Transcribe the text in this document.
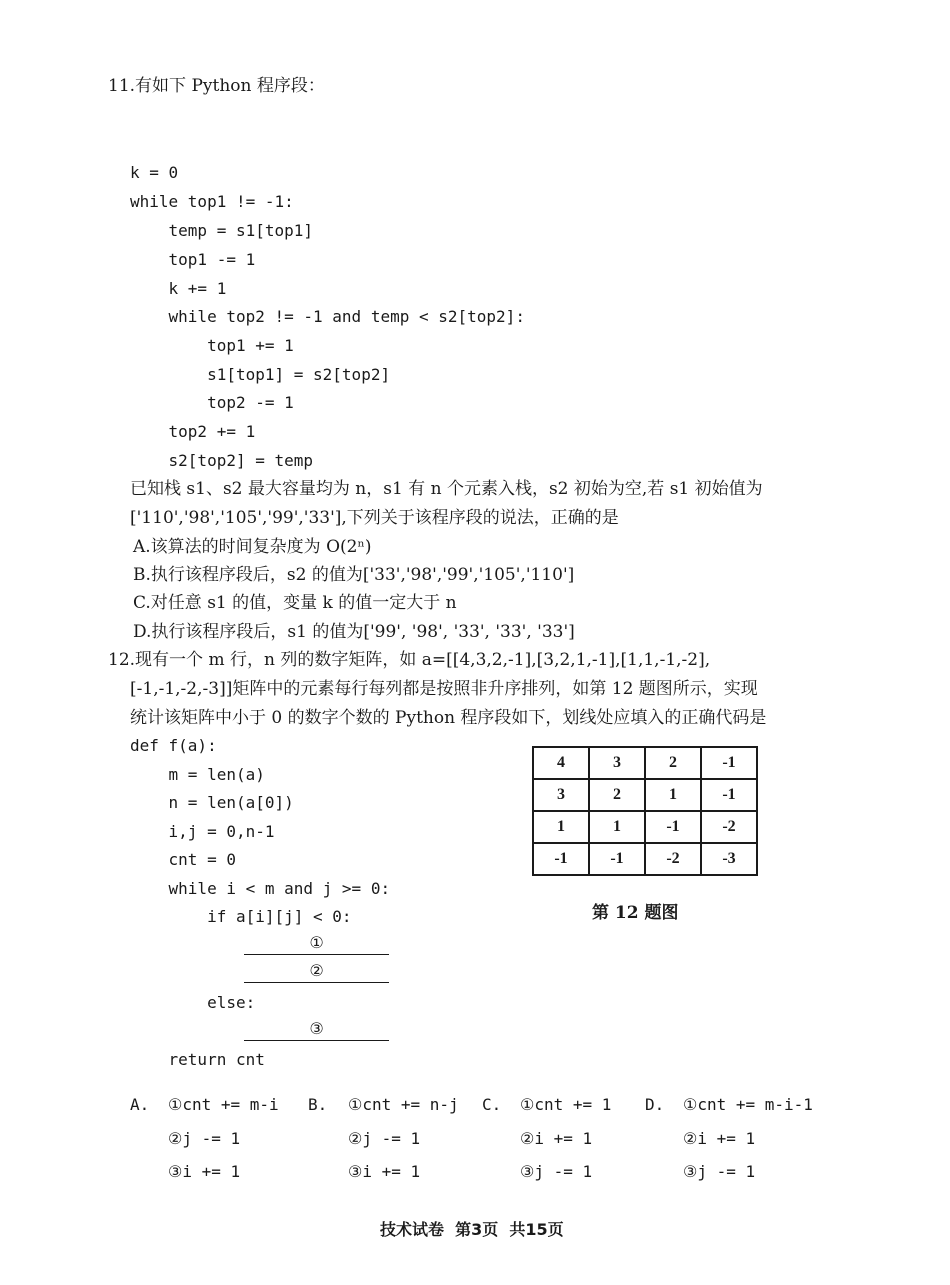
11.有如下 Python 程序段：
k = 0
while top1 != -1:
temp = s1[top1]
top1 -= 1
k += 1
while top2 != -1 and temp < s2[top2]:
top1 += 1
s1[top1] = s2[top2]
top2 -= 1
top2 += 1
s2[top2] = temp
已知栈 s1、s2 最大容量均为 n，s1 有 n 个元素入栈，s2 初始为空,若 s1 初始值为
['110','98','105','99','33'],下列关于该程序段的说法，正确的是
A.该算法的时间复杂度为 O(2ⁿ)
B.执行该程序段后，s2 的值为['33','98','99','105','110']
C.对任意 s1 的值，变量 k 的值一定大于 n
D.执行该程序段后，s1 的值为['99', '98', '33', '33', '33']
12.现有一个 m 行，n 列的数字矩阵，如 a=[[4,3,2,-1],[3,2,1,-1],[1,1,-1,-2],
[-1,-1,-2,-3]]矩阵中的元素每行每列都是按照非升序排列，如第 12 题图所示，实现
统计该矩阵中小于 0 的数字个数的 Python 程序段如下，划线处应填入的正确代码是
def f(a):
m = len(a)
n = len(a[0])
i,j = 0,n-1
cnt = 0
while i < m and j >= 0:
if a[i][j] < 0:
①
②
else:
③
return cnt
4	3	2	-1
3	2	1	-1
1	1	-1	-2
-1	-1	-2	-3
第 12 题图
A. ①cnt += m-i
②j -= 1
③i += 1
B. ①cnt += n-j
②j -= 1
③i += 1
C. ①cnt += 1
②i += 1
③j -= 1
D. ①cnt += m-i-1
②i += 1
③j -= 1
技术试卷  第3页  共15页
